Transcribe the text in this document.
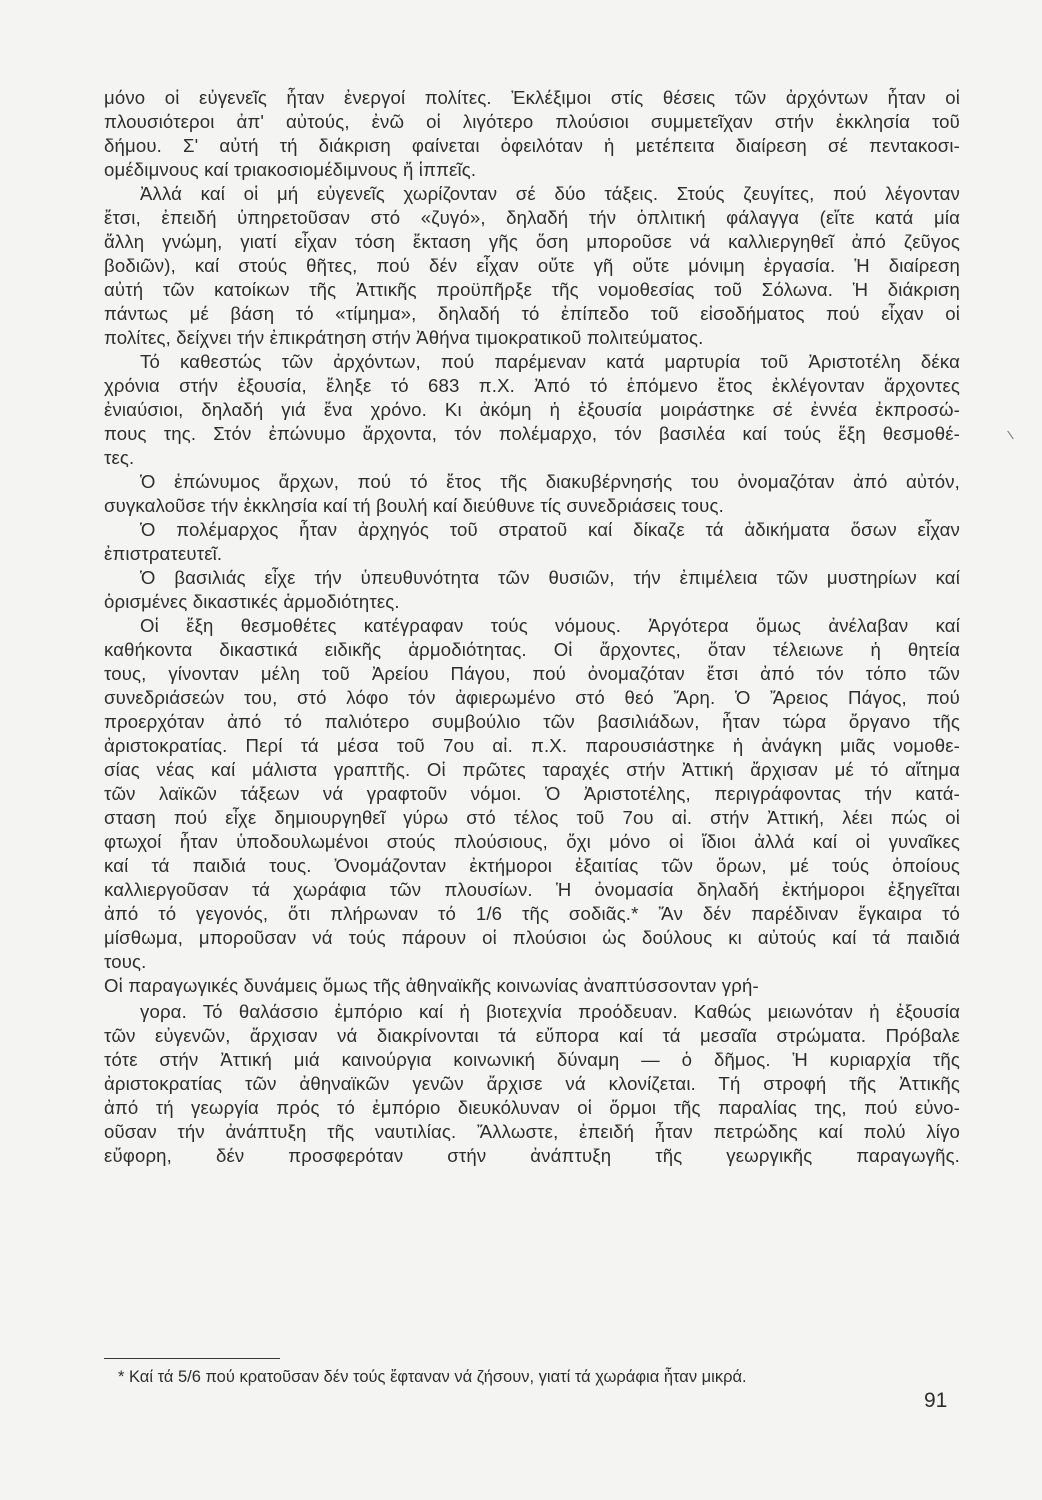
μόνο οἱ εὐγενεῖς ἦταν ἐνεργοί πολίτες. Ἐκλέξιμοι στίς θέσεις τῶν ἀρχόντων ἦταν οἱ
πλουσιότεροι ἀπ' αὐτούς, ἐνῶ οἱ λιγότερο πλούσιοι συμμετεῖχαν στήν ἐκκλησία τοῦ
δήμου. Σ' αὐτή τή διάκριση φαίνεται ὀφειλόταν ἡ μετέπειτα διαίρεση σέ πεντακοσι-
ομέδιμνους καί τριακοσιομέδιμνους ἤ ἱππεῖς.
Ἀλλά καί οἱ μή εὐγενεῖς χωρίζονταν σέ δύο τάξεις. Στούς ζευγίτες, πού λέγονταν
ἔτσι, ἐπειδή ὑπηρετοῦσαν στό «ζυγό», δηλαδή τήν ὁπλιτική φάλαγγα (εἴτε κατά μία
ἄλλη γνώμη, γιατί εἶχαν τόση ἔκταση γῆς ὅση μποροῦσε νά καλλιεργηθεῖ ἀπό ζεῦγος
βοδιῶν), καί στούς θῆτες, πού δέν εἶχαν οὔτε γῆ οὔτε μόνιμη ἐργασία. Ἡ διαίρεση
αὐτή τῶν κατοίκων τῆς Ἀττικῆς προϋπῆρξε τῆς νομοθεσίας τοῦ Σόλωνα. Ἡ διάκριση
πάντως μέ βάση τό «τίμημα», δηλαδή τό ἐπίπεδο τοῦ εἰσοδήματος πού εἶχαν οἱ
πολίτες, δείχνει τήν ἐπικράτηση στήν Ἀθήνα τιμοκρατικοῦ πολιτεύματος.
Τό καθεστώς τῶν ἀρχόντων, πού παρέμεναν κατά μαρτυρία τοῦ Ἀριστοτέλη δέκα
χρόνια στήν ἐξουσία, ἔληξε τό 683 π.Χ. Ἀπό τό ἑπόμενο ἔτος ἐκλέγονταν ἄρχοντες
ἐνιαύσιοι, δηλαδή γιά ἕνα χρόνο. Κι ἀκόμη ἡ ἐξουσία μοιράστηκε σέ ἐννέα ἐκπροσώ-
πους της. Στόν ἐπώνυμο ἄρχοντα, τόν πολέμαρχο, τόν βασιλέα καί τούς ἕξη θεσμοθέ-
τες.
Ὁ ἐπώνυμος ἄρχων, πού τό ἔτος τῆς διακυβέρνησής του ὀνομαζόταν ἀπό αὐτόν,
συγκαλοῦσε τήν ἐκκλησία καί τή βουλή καί διεύθυνε τίς συνεδριάσεις τους.
Ὁ πολέμαρχος ἦταν ἀρχηγός τοῦ στρατοῦ καί δίκαζε τά ἀδικήματα ὅσων εἶχαν
ἐπιστρατευτεῖ.
Ὁ βασιλιάς εἶχε τήν ὑπευθυνότητα τῶν θυσιῶν, τήν ἐπιμέλεια τῶν μυστηρίων καί
ὁρισμένες δικαστικές ἁρμοδιότητες.
Οἱ ἕξη θεσμοθέτες κατέγραφαν τούς νόμους. Ἀργότερα ὅμως ἀνέλαβαν καί
καθήκοντα δικαστικά ειδικῆς ἁρμοδιότητας. Οἱ ἄρχοντες, ὅταν τέλειωνε ἡ θητεία
τους, γίνονταν μέλη τοῦ Ἀρείου Πάγου, πού ὀνομαζόταν ἔτσι ἀπό τόν τόπο τῶν
συνεδριάσεών του, στό λόφο τόν ἀφιερωμένο στό θεό Ἄρη. Ὁ Ἄρειος Πάγος, πού
προερχόταν ἀπό τό παλιότερο συμβούλιο τῶν βασιλιάδων, ἦταν τώρα ὄργανο τῆς
ἀριστοκρατίας. Περί τά μέσα τοῦ 7ου αἰ. π.Χ. παρουσιάστηκε ἡ ἀνάγκη μιᾶς νομοθε-
σίας νέας καί μάλιστα γραπτῆς. Οἱ πρῶτες ταραχές στήν Ἀττική ἄρχισαν μέ τό αἴτημα
τῶν λαϊκῶν τάξεων νά γραφτοῦν νόμοι. Ὁ Ἀριστοτέλης, περιγράφοντας τήν κατά-
σταση πού εἶχε δημιουργηθεῖ γύρω στό τέλος τοῦ 7ου αἰ. στήν Ἀττική, λέει πώς οἱ
φτωχοί ἦταν ὑποδουλωμένοι στούς πλούσιους, ὄχι μόνο οἱ ἴδιοι ἀλλά καί οἱ γυναῖκες
καί τά παιδιά τους. Ὀνομάζονταν ἐκτήμοροι ἐξαιτίας τῶν ὅρων, μέ τούς ὁποίους
καλλιεργοῦσαν τά χωράφια τῶν πλουσίων. Ἡ ὀνομασία δηλαδή ἐκτήμοροι ἐξηγεῖται
ἀπό τό γεγονός, ὅτι πλήρωναν τό 1/6 τῆς σοδιᾶς.* Ἄν δέν παρέδιναν ἔγκαιρα τό
μίσθωμα, μποροῦσαν νά τούς πάρουν οἱ πλούσιοι ὡς δούλους κι αὐτούς καί τά παιδιά
τους.
Οἱ παραγωγικές δυνάμεις ὅμως τῆς ἀθηναϊκῆς κοινωνίας ἀναπτύσσονταν γρή-
γορα. Τό θαλάσσιο ἐμπόριο καί ἡ βιοτεχνία προόδευαν. Καθώς μειωνόταν ἡ ἐξουσία
τῶν εὐγενῶν, ἄρχισαν νά διακρίνονται τά εὔπορα καί τά μεσαῖα στρώματα. Πρόβαλε
τότε στήν Ἀττική μιά καινούργια κοινωνική δύναμη — ὁ δῆμος. Ἡ κυριαρχία τῆς
ἀριστοκρατίας τῶν ἀθηναϊκῶν γενῶν ἄρχισε νά κλονίζεται. Τή στροφή τῆς Ἀττικῆς
ἀπό τή γεωργία πρός τό ἐμπόριο διευκόλυναν οἱ ὅρμοι τῆς παραλίας της, πού εὐνο-
οῦσαν τήν ἀνάπτυξη τῆς ναυτιλίας. Ἄλλωστε, ἐπειδή ἦταν πετρώδης καί πολύ λίγο
εὔφορη, δέν προσφερόταν στήν ἀνάπτυξη τῆς γεωργικῆς παραγωγῆς.
* Καί τά 5/6 πού κρατοῦσαν δέν τούς ἔφταναν νά ζήσουν, γιατί τά χωράφια ἦταν μικρά.
91
